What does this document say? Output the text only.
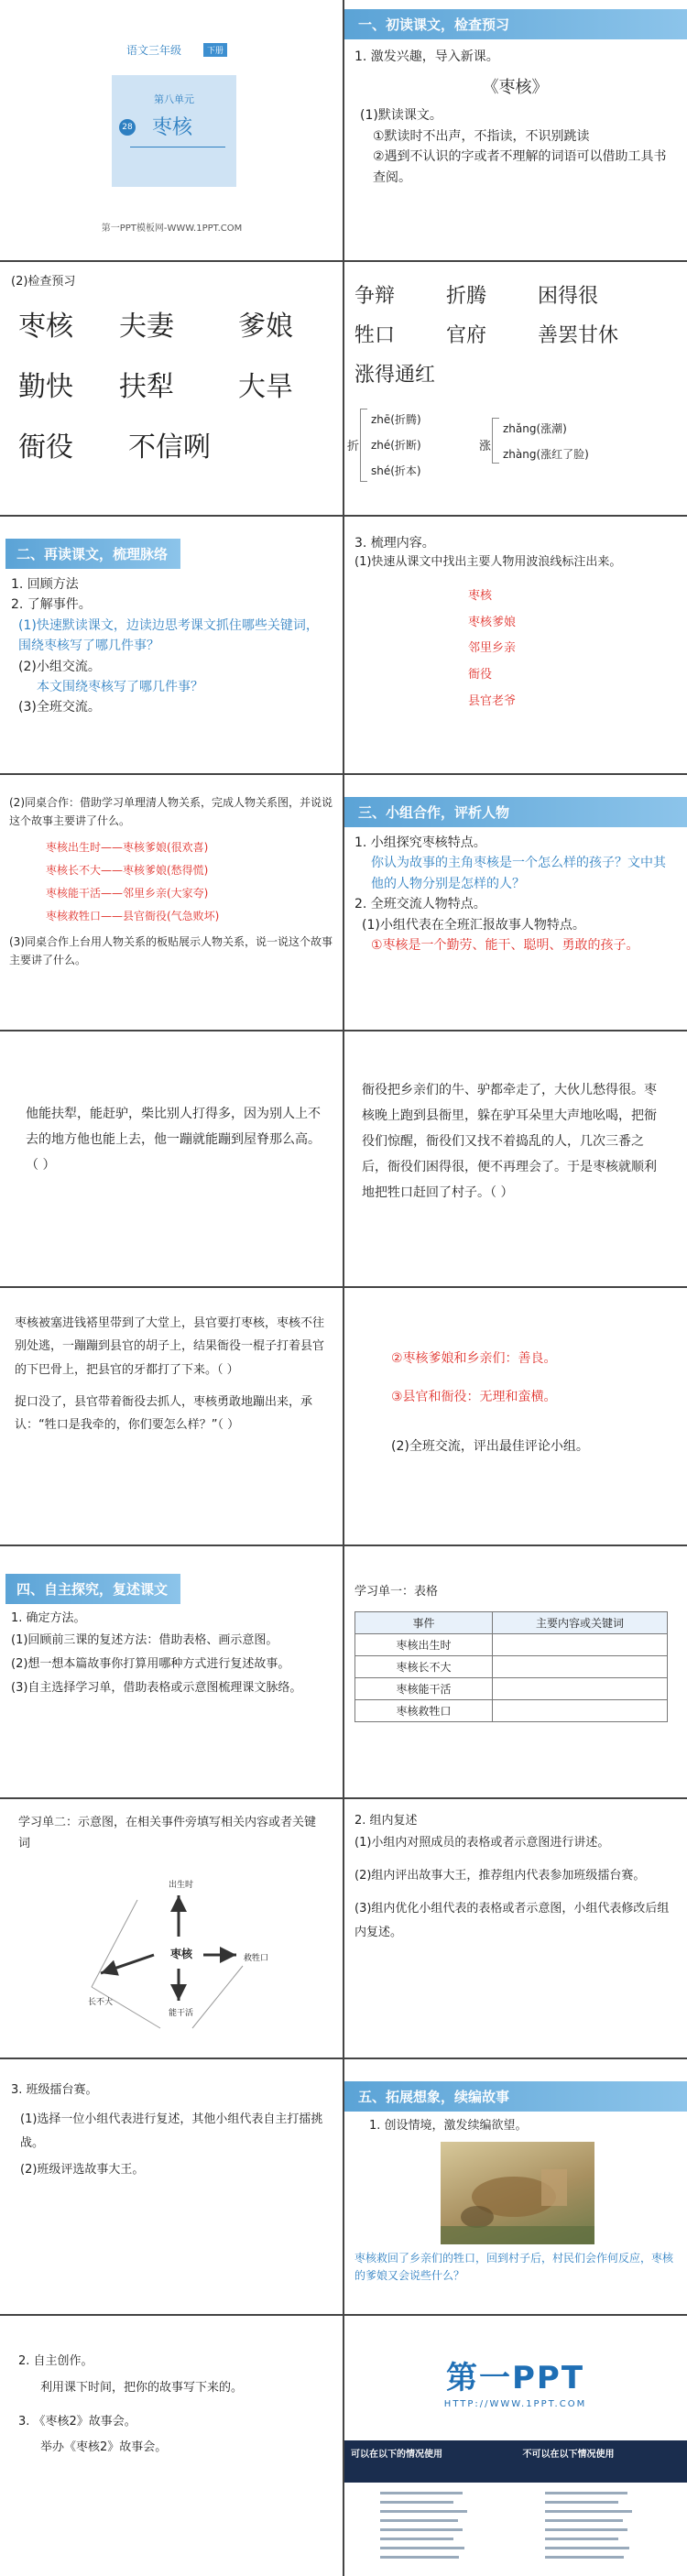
语文三年级	下册
第八单元
28 枣核
第一PPT模板网-WWW.1PPT.COM
一、初读课文，检查预习
1. 激发兴趣，导入新课。
《枣核》
(1)默读课文。
①默读时不出声，不指读，不识别跳读
②遇到不认识的字或者不理解的词语可以借助工具书查阅。
(2)检查预习
枣核	夫妻	爹娘
勤快	扶犁	大旱
衙役	不信咧
争辩	折腾	困得很
牲口	官府	善罢甘休
涨得通红
折
zhē(折腾)
zhé(折断)
shé(折本)
涨
zhǎng(涨潮)
zhàng(涨红了脸)
二、再读课文，梳理脉络
1. 回顾方法
2. 了解事件。
(1)快速默读课文，边读边思考课文抓住哪些关键词，围绕枣核写了哪几件事？
(2)小组交流。
本文围绕枣核写了哪几件事？
(3)全班交流。
3. 梳理内容。
(1)快速从课文中找出主要人物用波浪线标注出来。
枣核
枣核爹娘
邻里乡亲
衙役
县官老爷
(2)同桌合作：借助学习单理清人物关系，完成人物关系图，并说说这个故事主要讲了什么。
枣核出生时——枣核爹娘(很欢喜)
枣核长不大——枣核爹娘(愁得慌)
枣核能干活——邻里乡亲(大家夸)
枣核救牲口——县官衙役(气急败坏)
(3)同桌合作上台用人物关系的板贴展示人物关系，说一说这个故事主要讲了什么。
三、小组合作，评析人物
1. 小组探究枣核特点。
你认为故事的主角枣核是一个怎么样的孩子？文中其他的人物分别是怎样的人？
2. 全班交流人物特点。
(1)小组代表在全班汇报故事人物特点。
①枣核是一个勤劳、能干、聪明、勇敢的孩子。
他能扶犁，能赶驴，柴比别人打得多，因为别人上不去的地方他也能上去，他一蹦就能蹦到屋脊那么高。（ ）
衙役把乡亲们的牛、驴都牵走了，大伙儿愁得很。枣核晚上跑到县衙里，躲在驴耳朵里大声地吆喝，把衙役们惊醒，衙役们又找不着捣乱的人，几次三番之后，衙役们困得很，便不再理会了。于是枣核就顺利地把牲口赶回了村子。（ ）
枣核被塞进钱褡里带到了大堂上，县官要打枣核，枣核不往别处逃，一蹦蹦到县官的胡子上，结果衙役一棍子打着县官的下巴骨上，把县官的牙都打了下来。（ ）
捉口没了，县官带着衙役去抓人，枣核勇敢地蹦出来，承认：“牲口是我牵的，你们要怎么样？”（ ）
②枣核爹娘和乡亲们：善良。
③县官和衙役：无理和蛮横。
(2)全班交流，评出最佳评论小组。
四、自主探究，复述课文
1. 确定方法。
(1)回顾前三课的复述方法：借助表格、画示意图。
(2)想一想本篇故事你打算用哪种方式进行复述故事。
(3)自主选择学习单，借助表格或示意图梳理课文脉络。
学习单一：表格
事件	主要内容或关键词
枣核出生时	
枣核长不大	
枣核能干活	
枣核救牲口	
学习单二：示意图，在相关事件旁填写相关内容或者关键词
枣核
出生时
长不大
救牲口
能干活
2. 组内复述
(1)小组内对照成员的表格或者示意图进行讲述。
(2)组内评出故事大王，推荐组内代表参加班级擂台赛。
(3)组内优化小组代表的表格或者示意图，小组代表修改后组内复述。
3. 班级擂台赛。
(1)选择一位小组代表进行复述，其他小组代表自主打擂挑战。
(2)班级评选故事大王。
五、拓展想象，续编故事
1. 创设情境，激发续编欲望。
枣核救回了乡亲们的牲口，回到村子后，村民们会作何反应，枣核的爹娘又会说些什么？
2. 自主创作。
利用课下时间，把你的故事写下来的。
3. 《枣核2》故事会。
举办《枣核2》故事会。
第一PPT
HTTP://WWW.1PPT.COM
可以在以下的情况使用	不可以在以下情况使用
